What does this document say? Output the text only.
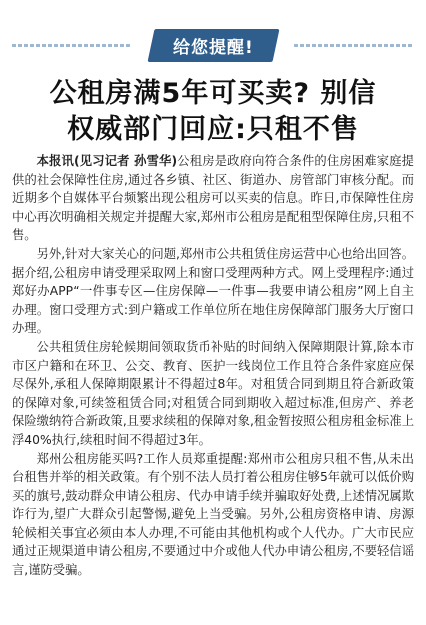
给您提醒!
公租房满5年可买卖? 别信
权威部门回应:只租不售

本报讯(见习记者 孙雪华)公租房是政府向符合条件的住房困难家庭提供的社会保障性住房,通过各乡镇、社区、街道办、房管部门审核分配。而近期多个自媒体平台频繁出现公租房可以买卖的信息。昨日,市保障性住房中心再次明确相关规定并提醒大家,郑州市公租房是配租型保障住房,只租不售。

另外,针对大家关心的问题,郑州市公共租赁住房运营中心也给出回答。据介绍,公租房申请受理采取网上和窗口受理两种方式。网上受理程序:通过郑好办APP“一件事专区—住房保障—一件事—我要申请公租房”网上自主办理。窗口受理方式:到户籍或工作单位所在地住房保障部门服务大厅窗口办理。

公共租赁住房轮候期间领取货币补贴的时间纳入保障期限计算,除本市市区户籍和在环卫、公交、教育、医护一线岗位工作且符合条件家庭应保尽保外,承租人保障期限累计不得超过8年。对租赁合同到期且符合新政策的保障对象,可续签租赁合同;对租赁合同到期收入超过标准,但房产、养老保险缴纳符合新政策,且要求续租的保障对象,租金暂按照公租房租金标准上浮40%执行,续租时间不得超过3年。

郑州公租房能买吗?工作人员郑重提醒:郑州市公租房只租不售,从未出台租售并举的相关政策。有个别不法人员打着公租房住够5年就可以低价购买的旗号,鼓动群众申请公租房、代办申请手续并骗取好处费,上述情况属欺诈行为,望广大群众引起警惕,避免上当受骗。另外,公租房资格申请、房源轮候相关事宜必须由本人办理,不可能由其他机构或个人代办。广大市民应通过正规渠道申请公租房,不要通过中介或他人代办申请公租房,不要轻信谣言,谨防受骗。
